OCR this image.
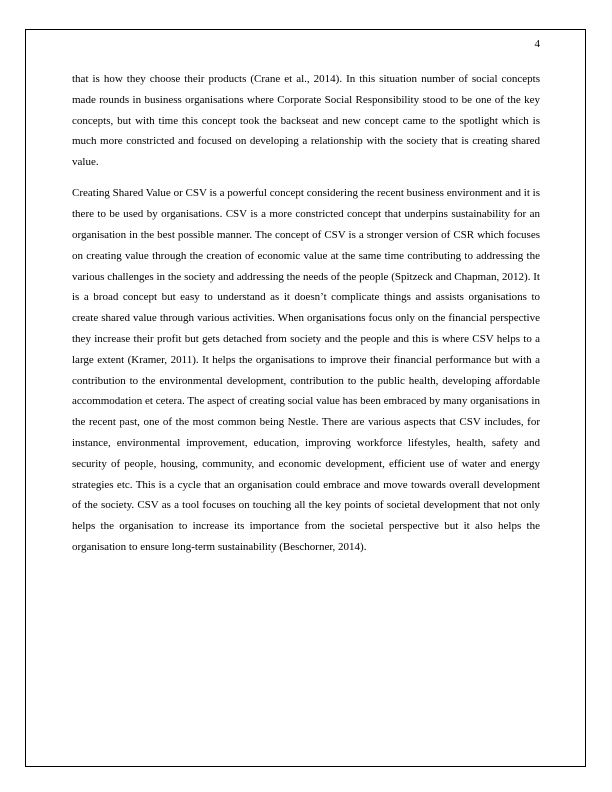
4

that is how they choose their products (Crane et al., 2014). In this situation number of social concepts made rounds in business organisations where Corporate Social Responsibility stood to be one of the key concepts, but with time this concept took the backseat and new concept came to the spotlight which is much more constricted and focused on developing a relationship with the society that is creating shared value.

Creating Shared Value or CSV is a powerful concept considering the recent business environment and it is there to be used by organisations. CSV is a more constricted concept that underpins sustainability for an organisation in the best possible manner. The concept of CSV is a stronger version of CSR which focuses on creating value through the creation of economic value at the same time contributing to addressing the various challenges in the society and addressing the needs of the people (Spitzeck and Chapman, 2012). It is a broad concept but easy to understand as it doesn’t complicate things and assists organisations to create shared value through various activities. When organisations focus only on the financial perspective they increase their profit but gets detached from society and the people and this is where CSV helps to a large extent (Kramer, 2011). It helps the organisations to improve their financial performance but with a contribution to the environmental development, contribution to the public health, developing affordable accommodation et cetera. The aspect of creating social value has been embraced by many organisations in the recent past, one of the most common being Nestle. There are various aspects that CSV includes, for instance, environmental improvement, education, improving workforce lifestyles, health, safety and security of people, housing, community, and economic development, efficient use of water and energy strategies etc. This is a cycle that an organisation could embrace and move towards overall development of the society. CSV as a tool focuses on touching all the key points of societal development that not only helps the organisation to increase its importance from the societal perspective but it also helps the organisation to ensure long-term sustainability (Beschorner, 2014).
